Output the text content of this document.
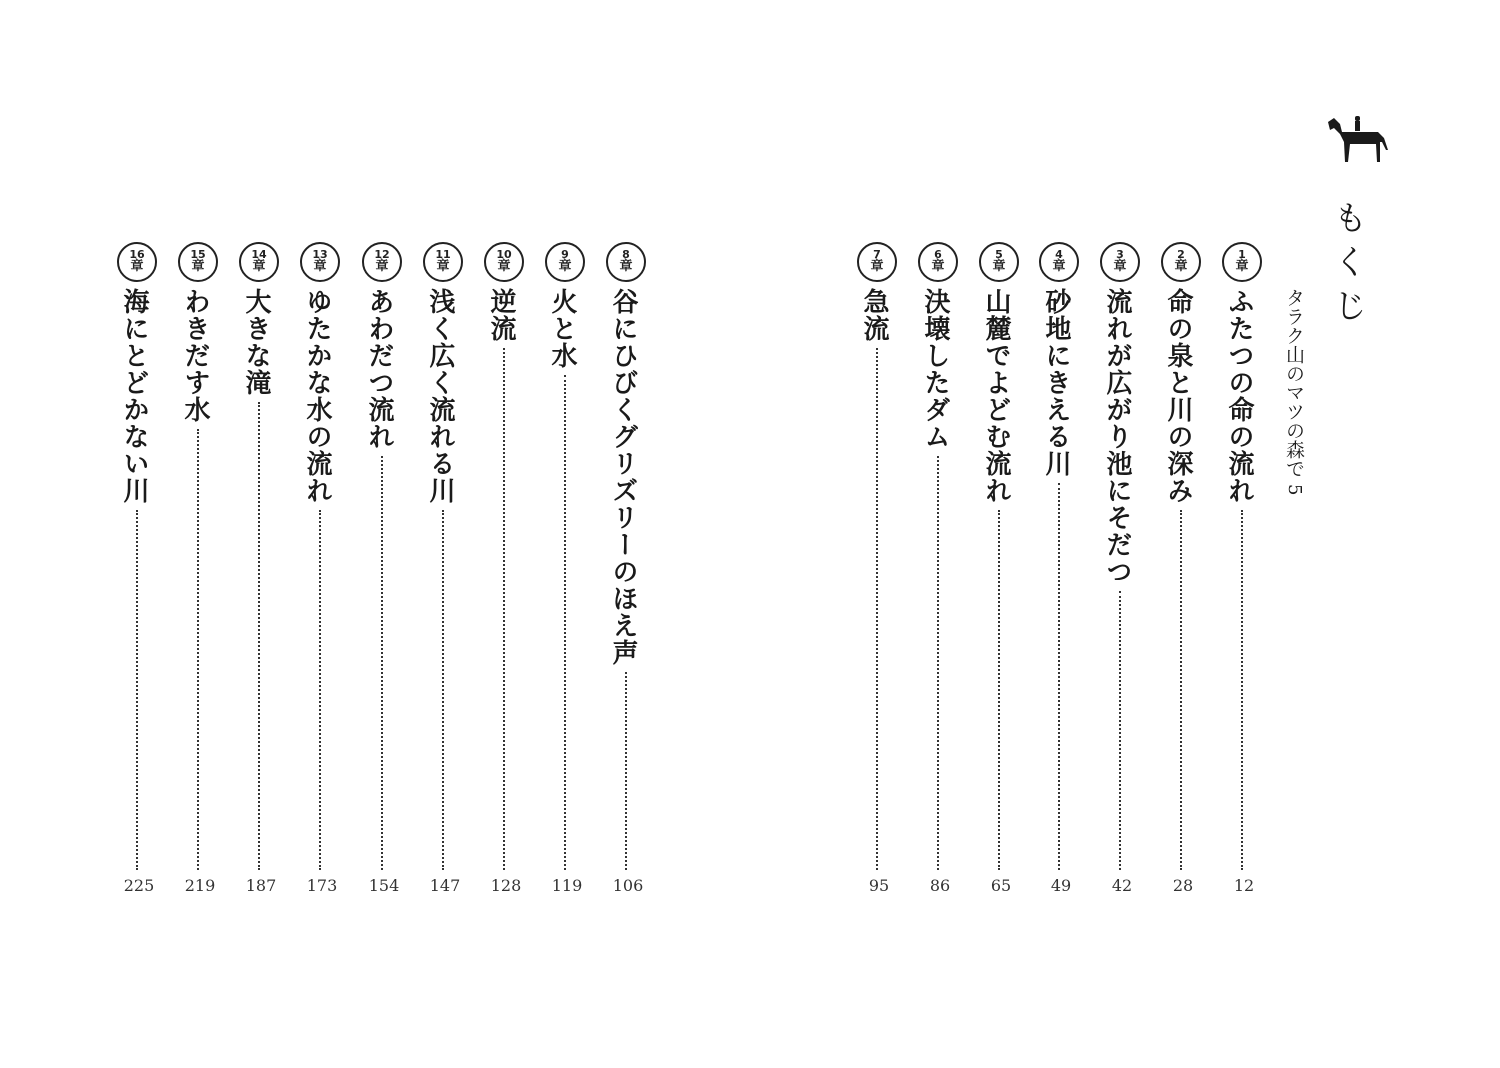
もくじ
タラク山のマツの森で5
1
章
ふたつの命の流れ
12
2
章
命の泉と川の深み
28
3
章
流れが広がり池にそだつ
42
4
章
砂地にきえる川
49
5
章
山麓でよどむ流れ
65
6
章
決壊したダム
86
7
章
急流
95
8
章
谷にひびくグリズリーのほえ声
106
9
章
火と水
119
10
章
逆流
128
11
章
浅く広く流れる川
147
12
章
あわだつ流れ
154
13
章
ゆたかな水の流れ
173
14
章
大きな滝
187
15
章
わきだす水
219
16
章
海にとどかない川
225
